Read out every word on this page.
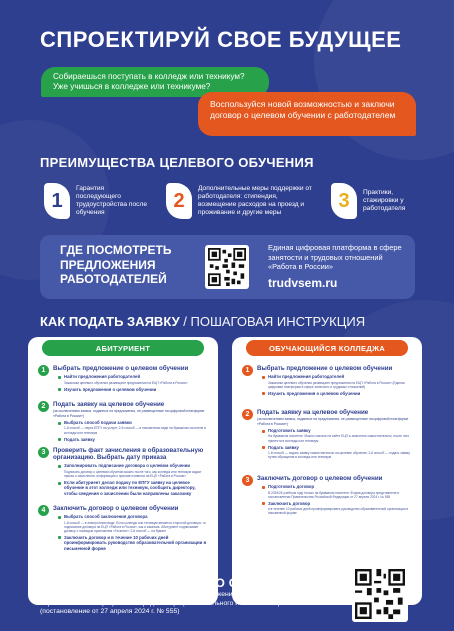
СПРОЕКТИРУЙ СВОЕ БУДУЩЕЕ
Собираешься поступать в колледж или техникум?
Уже учишься в колледже или техникуме?
Воспользуйся новой возможностью и заключи договор о целевом обучении с работодателем
ПРЕИМУЩЕСТВА ЦЕЛЕВОГО ОБУЧЕНИЯ
1
Гарантия последующего трудоустройства после обучения
2
Дополнительные меры поддержки от работодателя: стипендия, возмещение расходов на проезд и проживание и другие меры
3	Практики, стажировки у работодателя
ГДЕ ПОСМОТРЕТЬ ПРЕДЛОЖЕНИЯ РАБОТОДАТЕЛЕЙ
Единая цифровая платформа в сфере занятости и трудовых отношений «Работа в России»
trudvsem.ru
КАК ПОДАТЬ ЗАЯВКУ / ПОШАГОВАЯ ИНСТРУКЦИЯ
АБИТУРИЕНТ
1	Выбрать предложение о целевом обучении
Найти предложения работодателей
Заказчики целевого обучения размещают предложения на ЕЦП «Работа в России»
Изучить предложения о целевом обучении
2	Подать заявку на целевое обучение
(за исключением заявок, поданных на предложения, не размещенные на цифровой платформе «Работа в России»)
Выбрать способ подачи заявки
1-й способ — через ЕПГУ на услуге; 2-й способ — в письменном виде на бумажном носителе в колледж или техникум
Подать заявку
3	Проверить факт зачисления в образовательную организацию. Выбрать дату приказа
Заполнировать подписание договора о целевом обучении
Подписать договор о целевом обучении можно после того, как колледж или техникум издаст приказ о зачислении, информация о приказе появится на ЕЦП «Работа в России»
Если абитуриент делал подачу по ЕПГУ заявку на целевое обучение в этот колледж или техникум, сообщить директору, чтобы сведения о зачислении были направлены заказчику
4	Заключить договор о целевом обучении
Выбрать способ заключения договора
1-й способ — в электронном виде. Если колледж или техникум является стороной договора, то подписание договора на ЕЦП «Работа в России», как и заказчик. Абитуриент подписывает договор с помощью приложения «Госключ»; 2-й способ — на бумаге
Заключить договор и в течение 10 рабочих дней проинформировать руководство образовательной организации в письменной форме
ОБУЧАЮЩИЙСЯ КОЛЛЕДЖА
1	Выбрать предложение о целевом обучении
Найти предложения работодателей
Заказчики целевого обучения размещают предложения на ЕЦП «Работа в России» (Единая цифровая платформа в сфере занятости и трудовых отношений)
Изучить предложения о целевом обучении
2	Подать заявку на целевое обучение
(за исключением заявок, поданных на предложения, не размещенные на цифровой платформе «Работа в России»)
Подготовить заявку
На бумажном носителе. Можно скачать на сайте ЕЦП и заполнить самостоятельно, после чего принести в колледж или техникум
Подать заявку
1-й способ — подать заявку самостоятельно на целевое обучение; 2-й способ — подать заявку путем обращения в колледж или техникум
3	Заключить договор о целевом обучении
Подготовить договор
В 2025/26 учебном году только на бумажном носителе; Форма договора представлена в постановлении Правительства Российской Федерации от 27 апреля 2024 г. № 555
Заключить договор
и в течение 10 рабочих дней проинформировать руководство образовательной организации в письменной форме
НОВЫЕ ПРАВИЛА ЦЕЛЕВОГО ОБУЧЕНИЯ
Правительство Российской Федерации утвердило Положение о целевом обучении по образовательным программам среднего профессионального и высшего образования (постановление от 27 апреля 2024 г. № 555)
